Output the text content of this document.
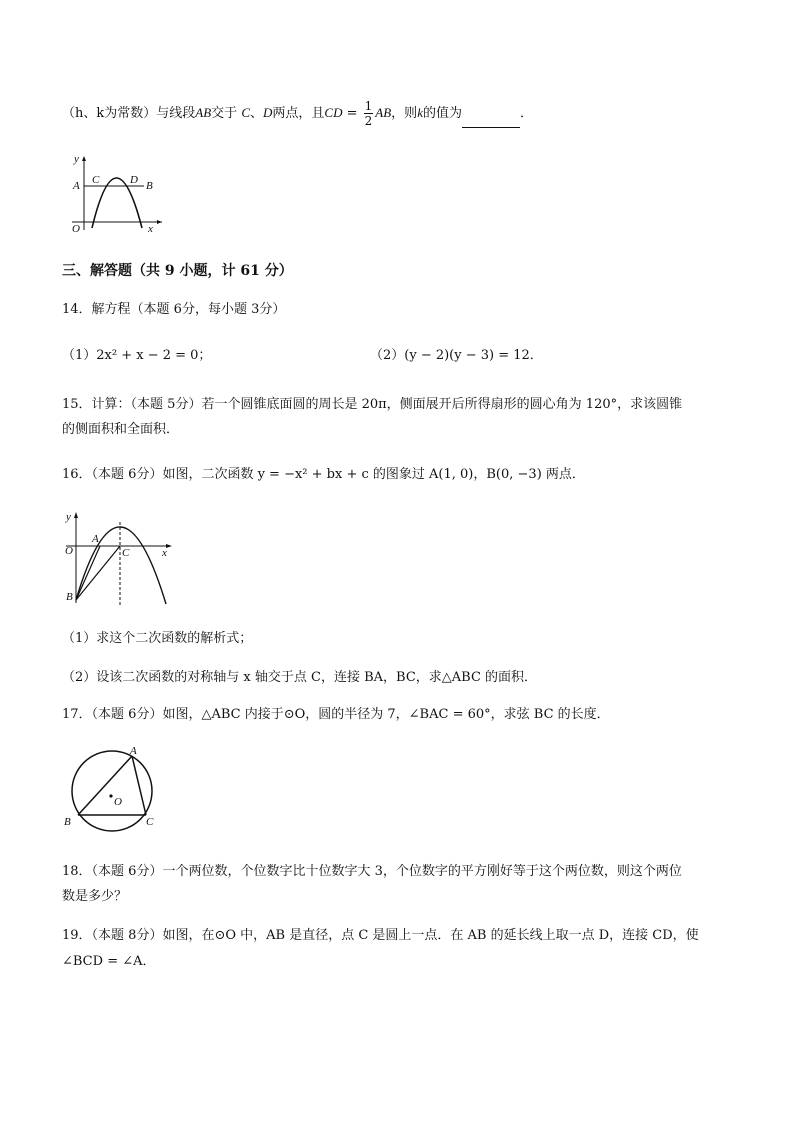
（h、k为常数）与线段AB交于 C、D两点，且CD = $\frac{1}{2}$ AB，则k的值为	．
y
A C	D B
O	x
三、解答题（共 9 小题，计 61 分）
14．解方程（本题 6分，每小题 3分）
（1）2x² + x − 2 = 0；	（2）(y − 2)(y − 3) = 12．
15．计算：（本题 5分）若一个圆锥底面圆的周长是 20π，侧面展开后所得扇形的圆心角为 120°，求该圆锥
的侧面积和全面积．
16．（本题 6分）如图，二次函数 y = −x² + bx + c 的图象过 A(1, 0)，B(0, −3) 两点．
y
O
A
C	x
B
（1）求这个二次函数的解析式；
（2）设该二次函数的对称轴与 x 轴交于点 C，连接 BA，BC，求△ABC 的面积．
17．（本题 6分）如图，△ABC 内接于⊙O，圆的半径为 7，∠BAC = 60°，求弦 BC 的长度．
A
O
B	C
18．（本题 6分）一个两位数，个位数字比十位数字大 3，个位数字的平方刚好等于这个两位数，则这个两位
数是多少？
19．（本题 8分）如图，在⊙O 中，AB 是直径，点 C 是圆上一点．在 AB 的延长线上取一点 D，连接 CD，使
∠BCD = ∠A．
